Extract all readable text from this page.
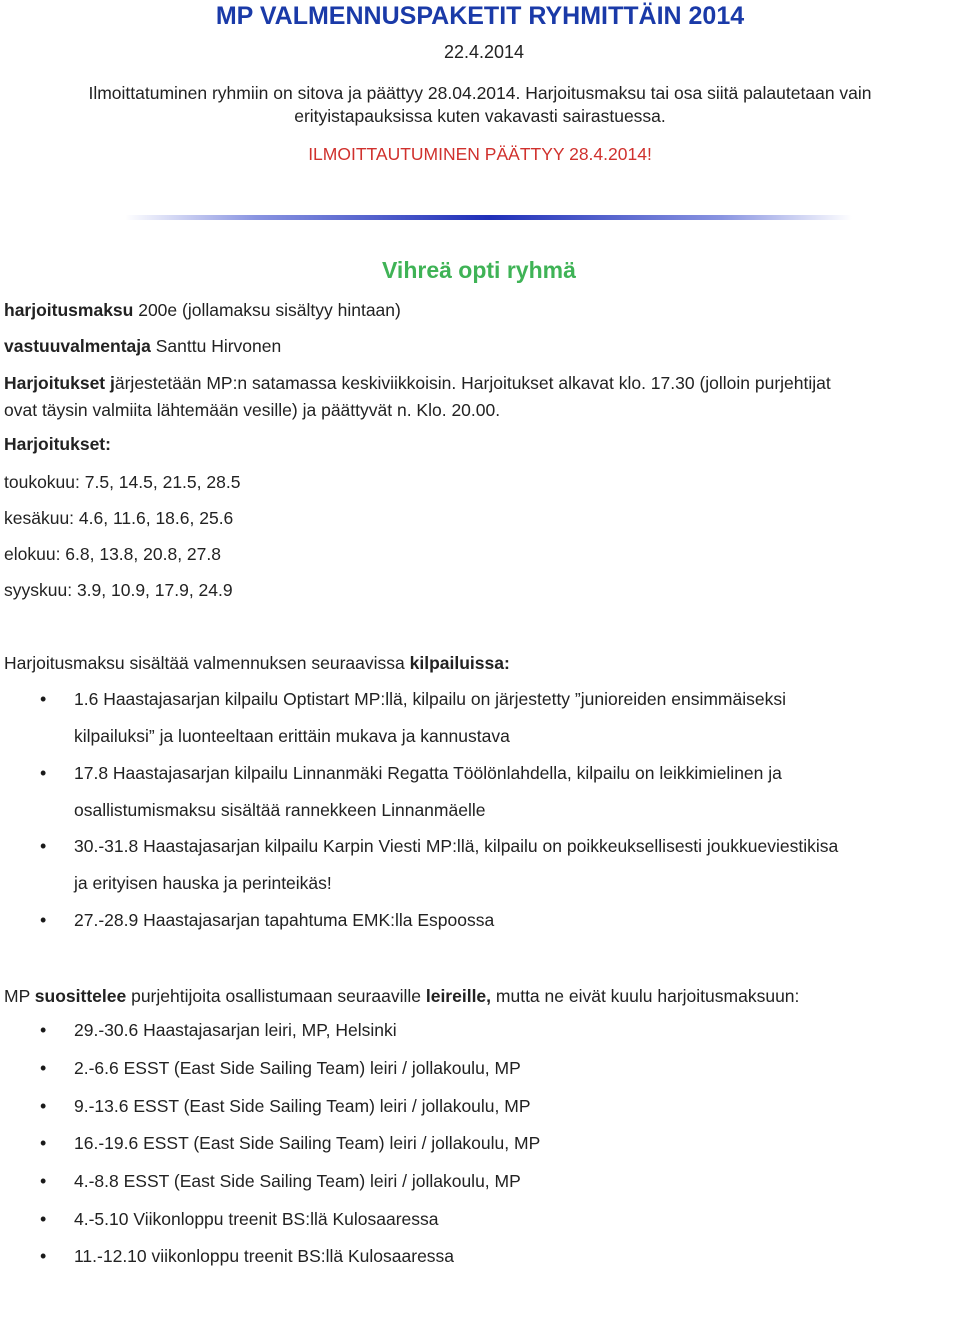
MP VALMENNUSPAKETIT RYHMITTÄIN 2014
22.4.2014
Ilmoittatuminen ryhmiin on sitova ja päättyy 28.04.2014. Harjoitusmaksu tai osa siitä palautetaan vain
erityistapauksissa kuten vakavasti sairastuessa.
ILMOITTAUTUMINEN PÄÄTTYY 28.4.2014!
Vihreä opti ryhmä
harjoitusmaksu 200e (jollamaksu sisältyy hintaan)
vastuuvalmentaja Santtu Hirvonen
Harjoitukset järjestetään MP:n satamassa keskiviikkoisin. Harjoitukset alkavat klo. 17.30 (jolloin purjehtijat
ovat täysin valmiita lähtemään vesille) ja päättyvät n. Klo. 20.00.
Harjoitukset:
toukokuu: 7.5, 14.5, 21.5, 28.5
kesäkuu: 4.6, 11.6, 18.6, 25.6
elokuu: 6.8, 13.8, 20.8, 27.8
syyskuu: 3.9, 10.9, 17.9, 24.9
Harjoitusmaksu sisältää valmennuksen seuraavissa kilpailuissa:
• 1.6 Haastajasarjan kilpailu Optistart MP:llä, kilpailu on järjestetty ”junioreiden ensimmäiseksi
kilpailuksi” ja luonteeltaan erittäin mukava ja kannustava
• 17.8 Haastajasarjan kilpailu Linnanmäki Regatta Töölönlahdella, kilpailu on leikkimielinen ja
osallistumismaksu sisältää rannekkeen Linnanmäelle
• 30.-31.8 Haastajasarjan kilpailu Karpin Viesti MP:llä, kilpailu on poikkeuksellisesti joukkueviestikisa
ja erityisen hauska ja perinteikäs!
• 27.-28.9 Haastajasarjan tapahtuma EMK:lla Espoossa
MP suosittelee purjehtijoita osallistumaan seuraaville leireille, mutta ne eivät kuulu harjoitusmaksuun:
• 29.-30.6 Haastajasarjan leiri, MP, Helsinki
• 2.-6.6 ESST (East Side Sailing Team) leiri / jollakoulu, MP
• 9.-13.6 ESST (East Side Sailing Team) leiri / jollakoulu, MP
• 16.-19.6 ESST (East Side Sailing Team) leiri / jollakoulu, MP
• 4.-8.8 ESST (East Side Sailing Team) leiri / jollakoulu, MP
• 4.-5.10 Viikonloppu treenit BS:llä Kulosaaressa
• 11.-12.10 viikonloppu treenit BS:llä Kulosaaressa
